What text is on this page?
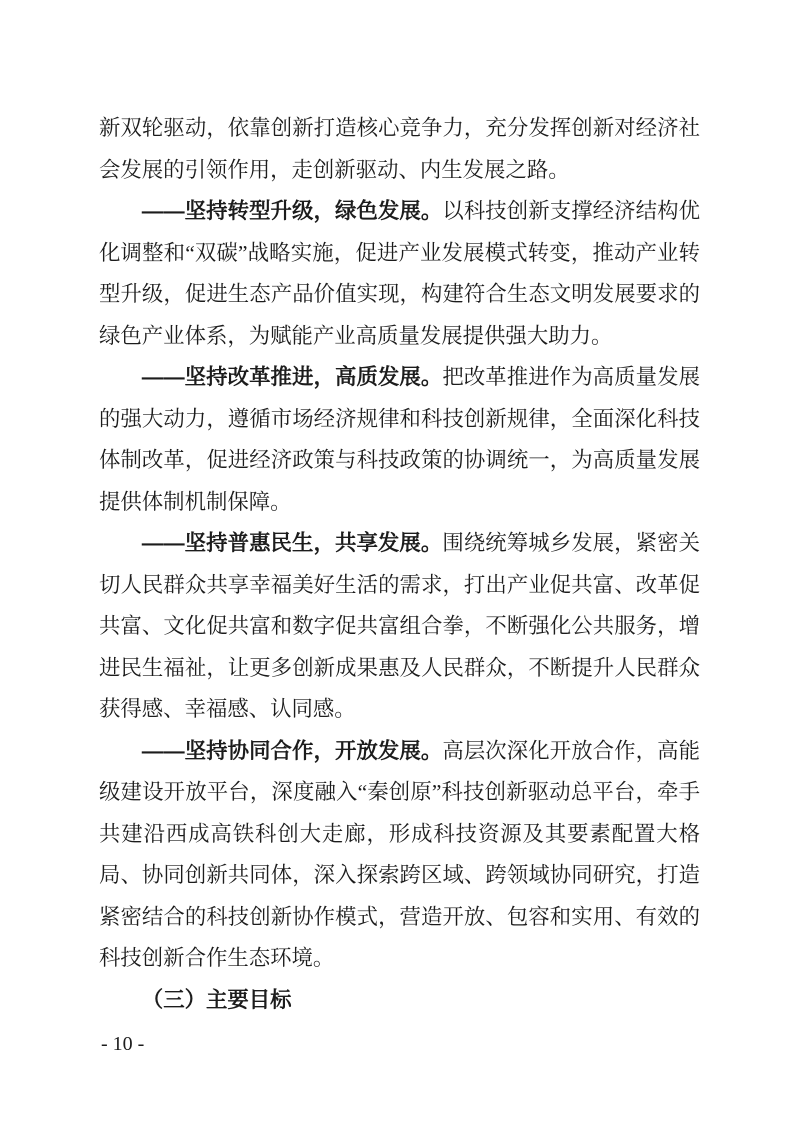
新双轮驱动，依靠创新打造核心竞争力，充分发挥创新对经济社会发展的引领作用，走创新驱动、内生发展之路。

——坚持转型升级，绿色发展。以科技创新支撑经济结构优化调整和“双碳”战略实施，促进产业发展模式转变，推动产业转型升级，促进生态产品价值实现，构建符合生态文明发展要求的绿色产业体系，为赋能产业高质量发展提供强大助力。

——坚持改革推进，高质发展。把改革推进作为高质量发展的强大动力，遵循市场经济规律和科技创新规律，全面深化科技体制改革，促进经济政策与科技政策的协调统一，为高质量发展提供体制机制保障。

——坚持普惠民生，共享发展。围绕统筹城乡发展，紧密关切人民群众共享幸福美好生活的需求，打出产业促共富、改革促共富、文化促共富和数字促共富组合拳，不断强化公共服务，增进民生福祉，让更多创新成果惠及人民群众，不断提升人民群众获得感、幸福感、认同感。

——坚持协同合作，开放发展。高层次深化开放合作，高能级建设开放平台，深度融入“秦创原”科技创新驱动总平台，牵手共建沿西成高铁科创大走廊，形成科技资源及其要素配置大格局、协同创新共同体，深入探索跨区域、跨领域协同研究，打造紧密结合的科技创新协作模式，营造开放、包容和实用、有效的科技创新合作生态环境。

（三）主要目标

- 10 -
